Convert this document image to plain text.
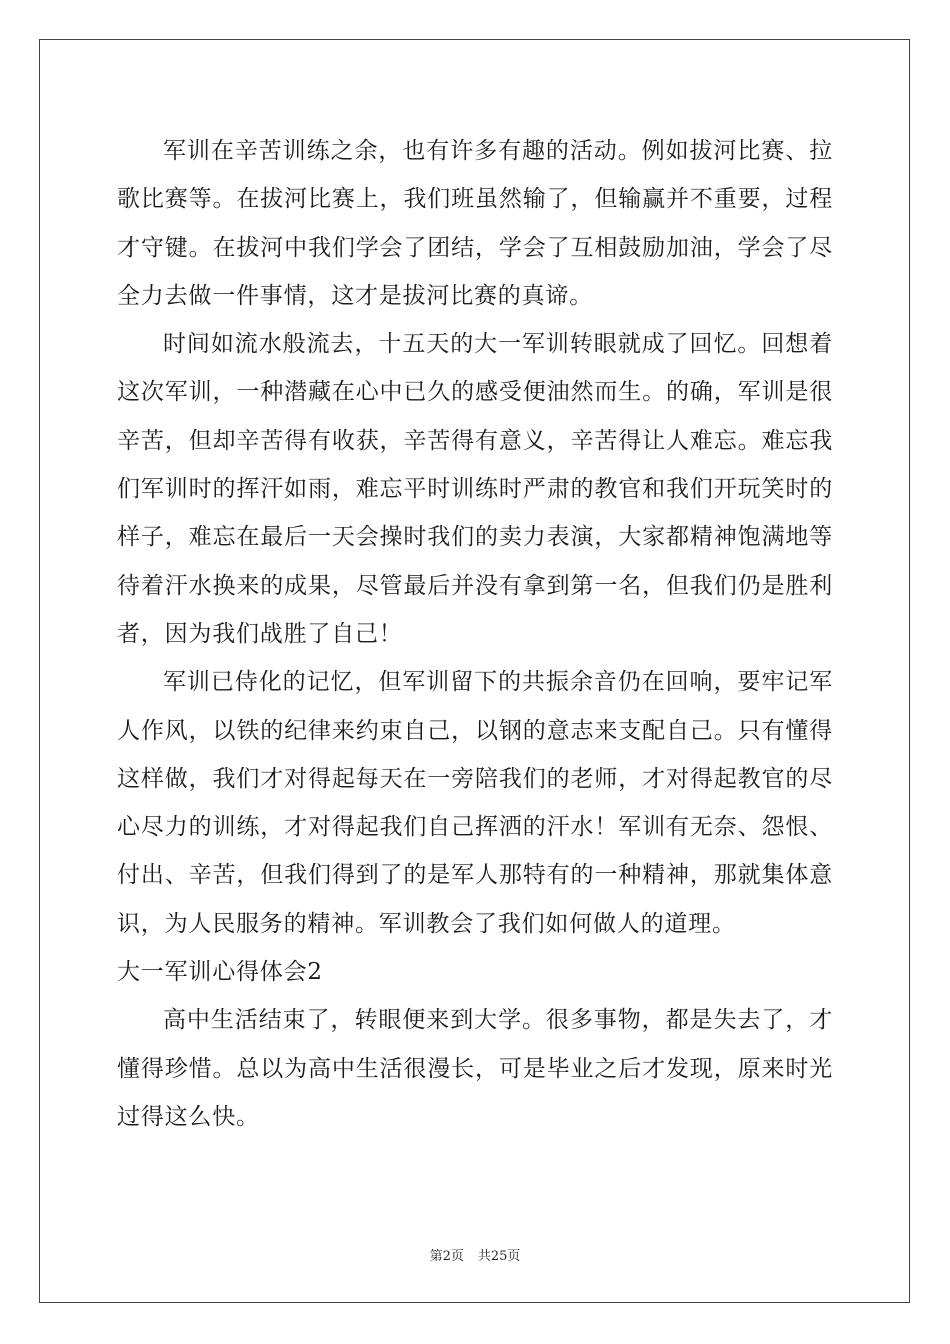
军训在辛苦训练之余，也有许多有趣的活动。例如拔河比赛、拉歌比赛等。在拔河比赛上，我们班虽然输了，但输赢并不重要，过程才守键。在拔河中我们学会了团结，学会了互相鼓励加油，学会了尽全力去做一件事情，这才是拔河比赛的真谛。

时间如流水般流去，十五天的大一军训转眼就成了回忆。回想着这次军训，一种潜藏在心中已久的感受便油然而生。的确，军训是很辛苦，但却辛苦得有收获，辛苦得有意义，辛苦得让人难忘。难忘我们军训时的挥汗如雨，难忘平时训练时严肃的教官和我们开玩笑时的样子，难忘在最后一天会操时我们的卖力表演，大家都精神饱满地等待着汗水换来的成果，尽管最后并没有拿到第一名，但我们仍是胜利者，因为我们战胜了自己！

军训已侍化的记忆，但军训留下的共振余音仍在回响，要牢记军人作风，以铁的纪律来约束自己，以钢的意志来支配自己。只有懂得这样做，我们才对得起每天在一旁陪我们的老师，才对得起教官的尽心尽力的训练，才对得起我们自己挥洒的汗水！军训有无奈、怨恨、付出、辛苦，但我们得到了的是军人那特有的一种精神，那就集体意识，为人民服务的精神。军训教会了我们如何做人的道理。

大一军训心得体会2

高中生活结束了，转眼便来到大学。很多事物，都是失去了，才懂得珍惜。总以为高中生活很漫长，可是毕业之后才发现，原来时光过得这么快。

第2页 共25页
